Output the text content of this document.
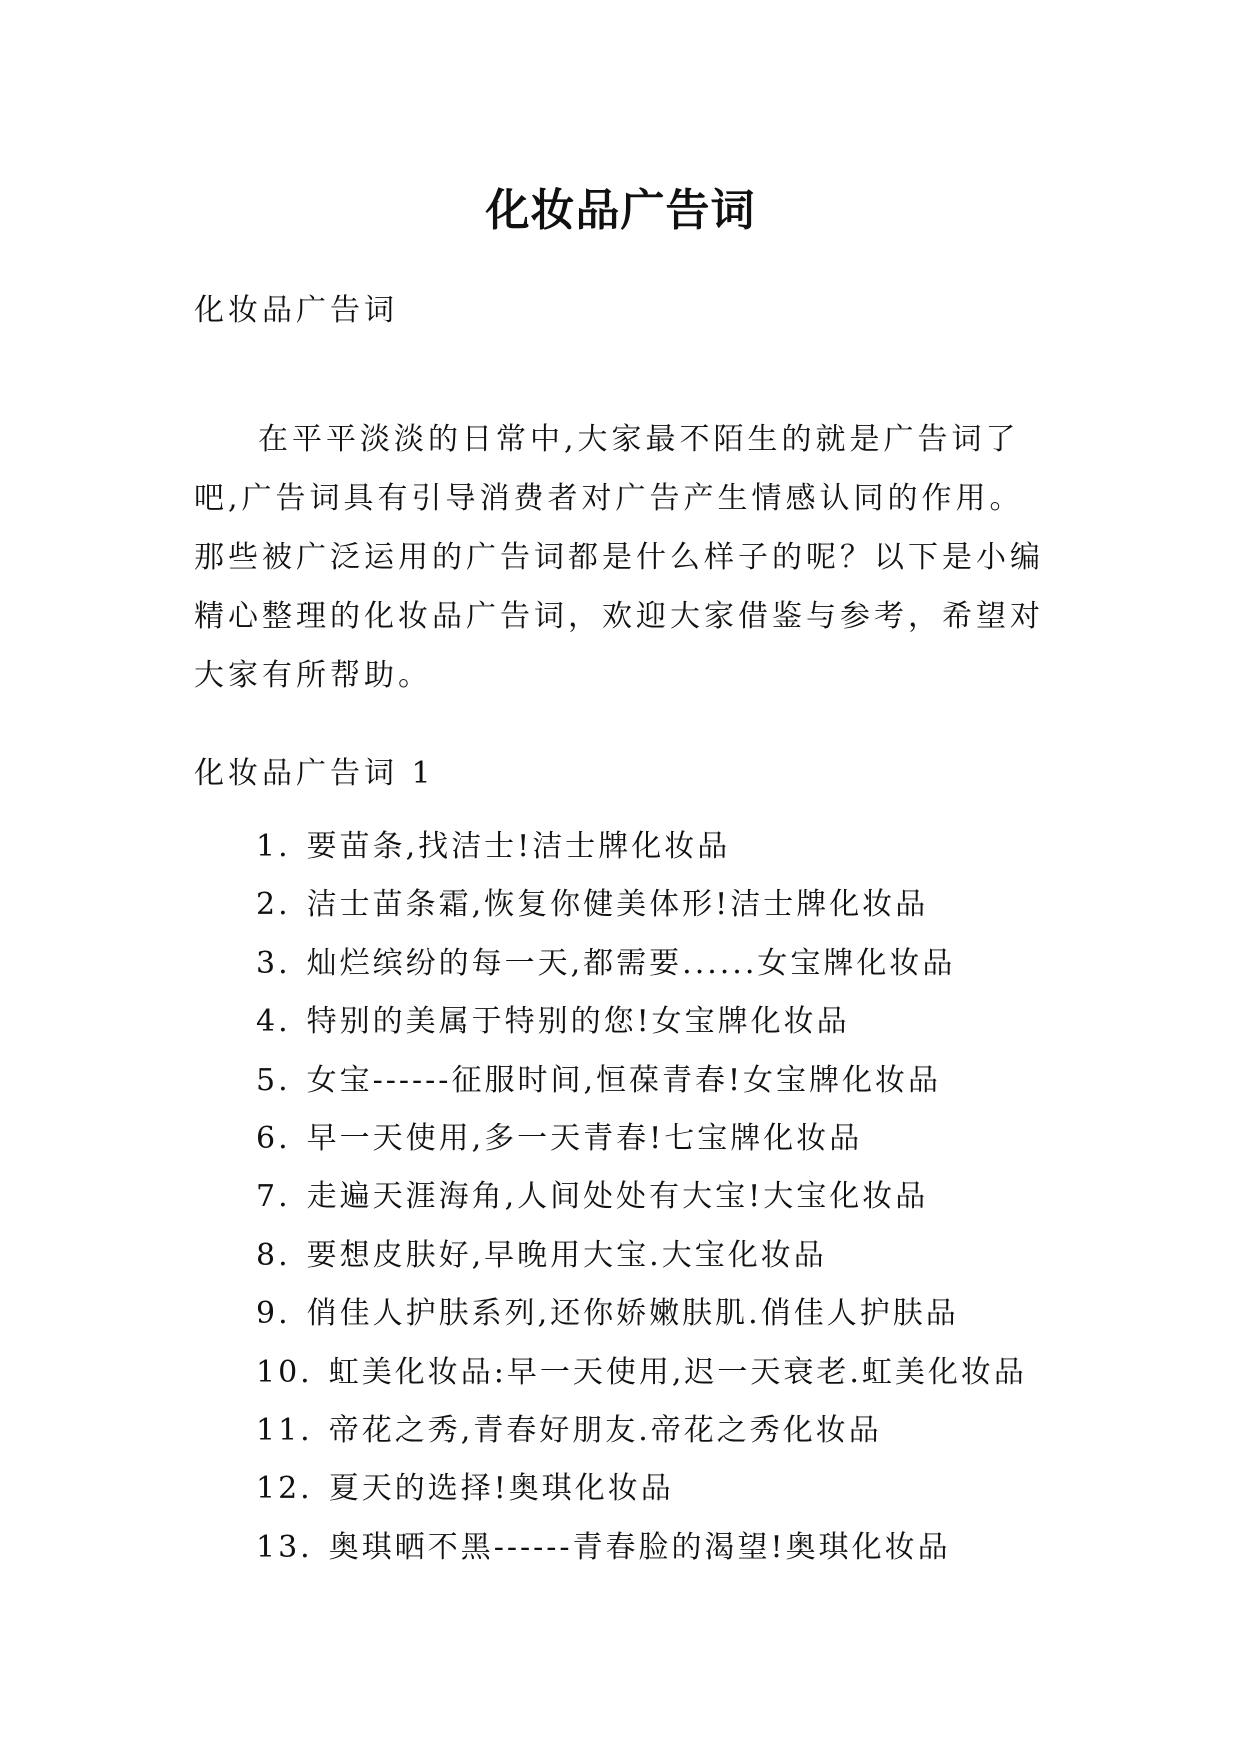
化妆品广告词
化妆品广告词

在平平淡淡的日常中,大家最不陌生的就是广告词了吧,广告词具有引导消费者对广告产生情感认同的作用。那些被广泛运用的广告词都是什么样子的呢？以下是小编精心整理的化妆品广告词，欢迎大家借鉴与参考，希望对大家有所帮助。

化妆品广告词 1
1. 要苗条,找洁士!洁士牌化妆品
2. 洁士苗条霜,恢复你健美体形!洁士牌化妆品
3. 灿烂缤纷的每一天,都需要......女宝牌化妆品
4. 特别的美属于特别的您!女宝牌化妆品
5. 女宝------征服时间,恒葆青春!女宝牌化妆品
6. 早一天使用,多一天青春!七宝牌化妆品
7. 走遍天涯海角,人间处处有大宝!大宝化妆品
8. 要想皮肤好,早晚用大宝.大宝化妆品
9. 俏佳人护肤系列,还你娇嫩肤肌.俏佳人护肤品
10. 虹美化妆品:早一天使用,迟一天衰老.虹美化妆品
11. 帝花之秀,青春好朋友.帝花之秀化妆品
12. 夏天的选择!奥琪化妆品
13. 奥琪晒不黑------青春脸的渴望!奥琪化妆品
